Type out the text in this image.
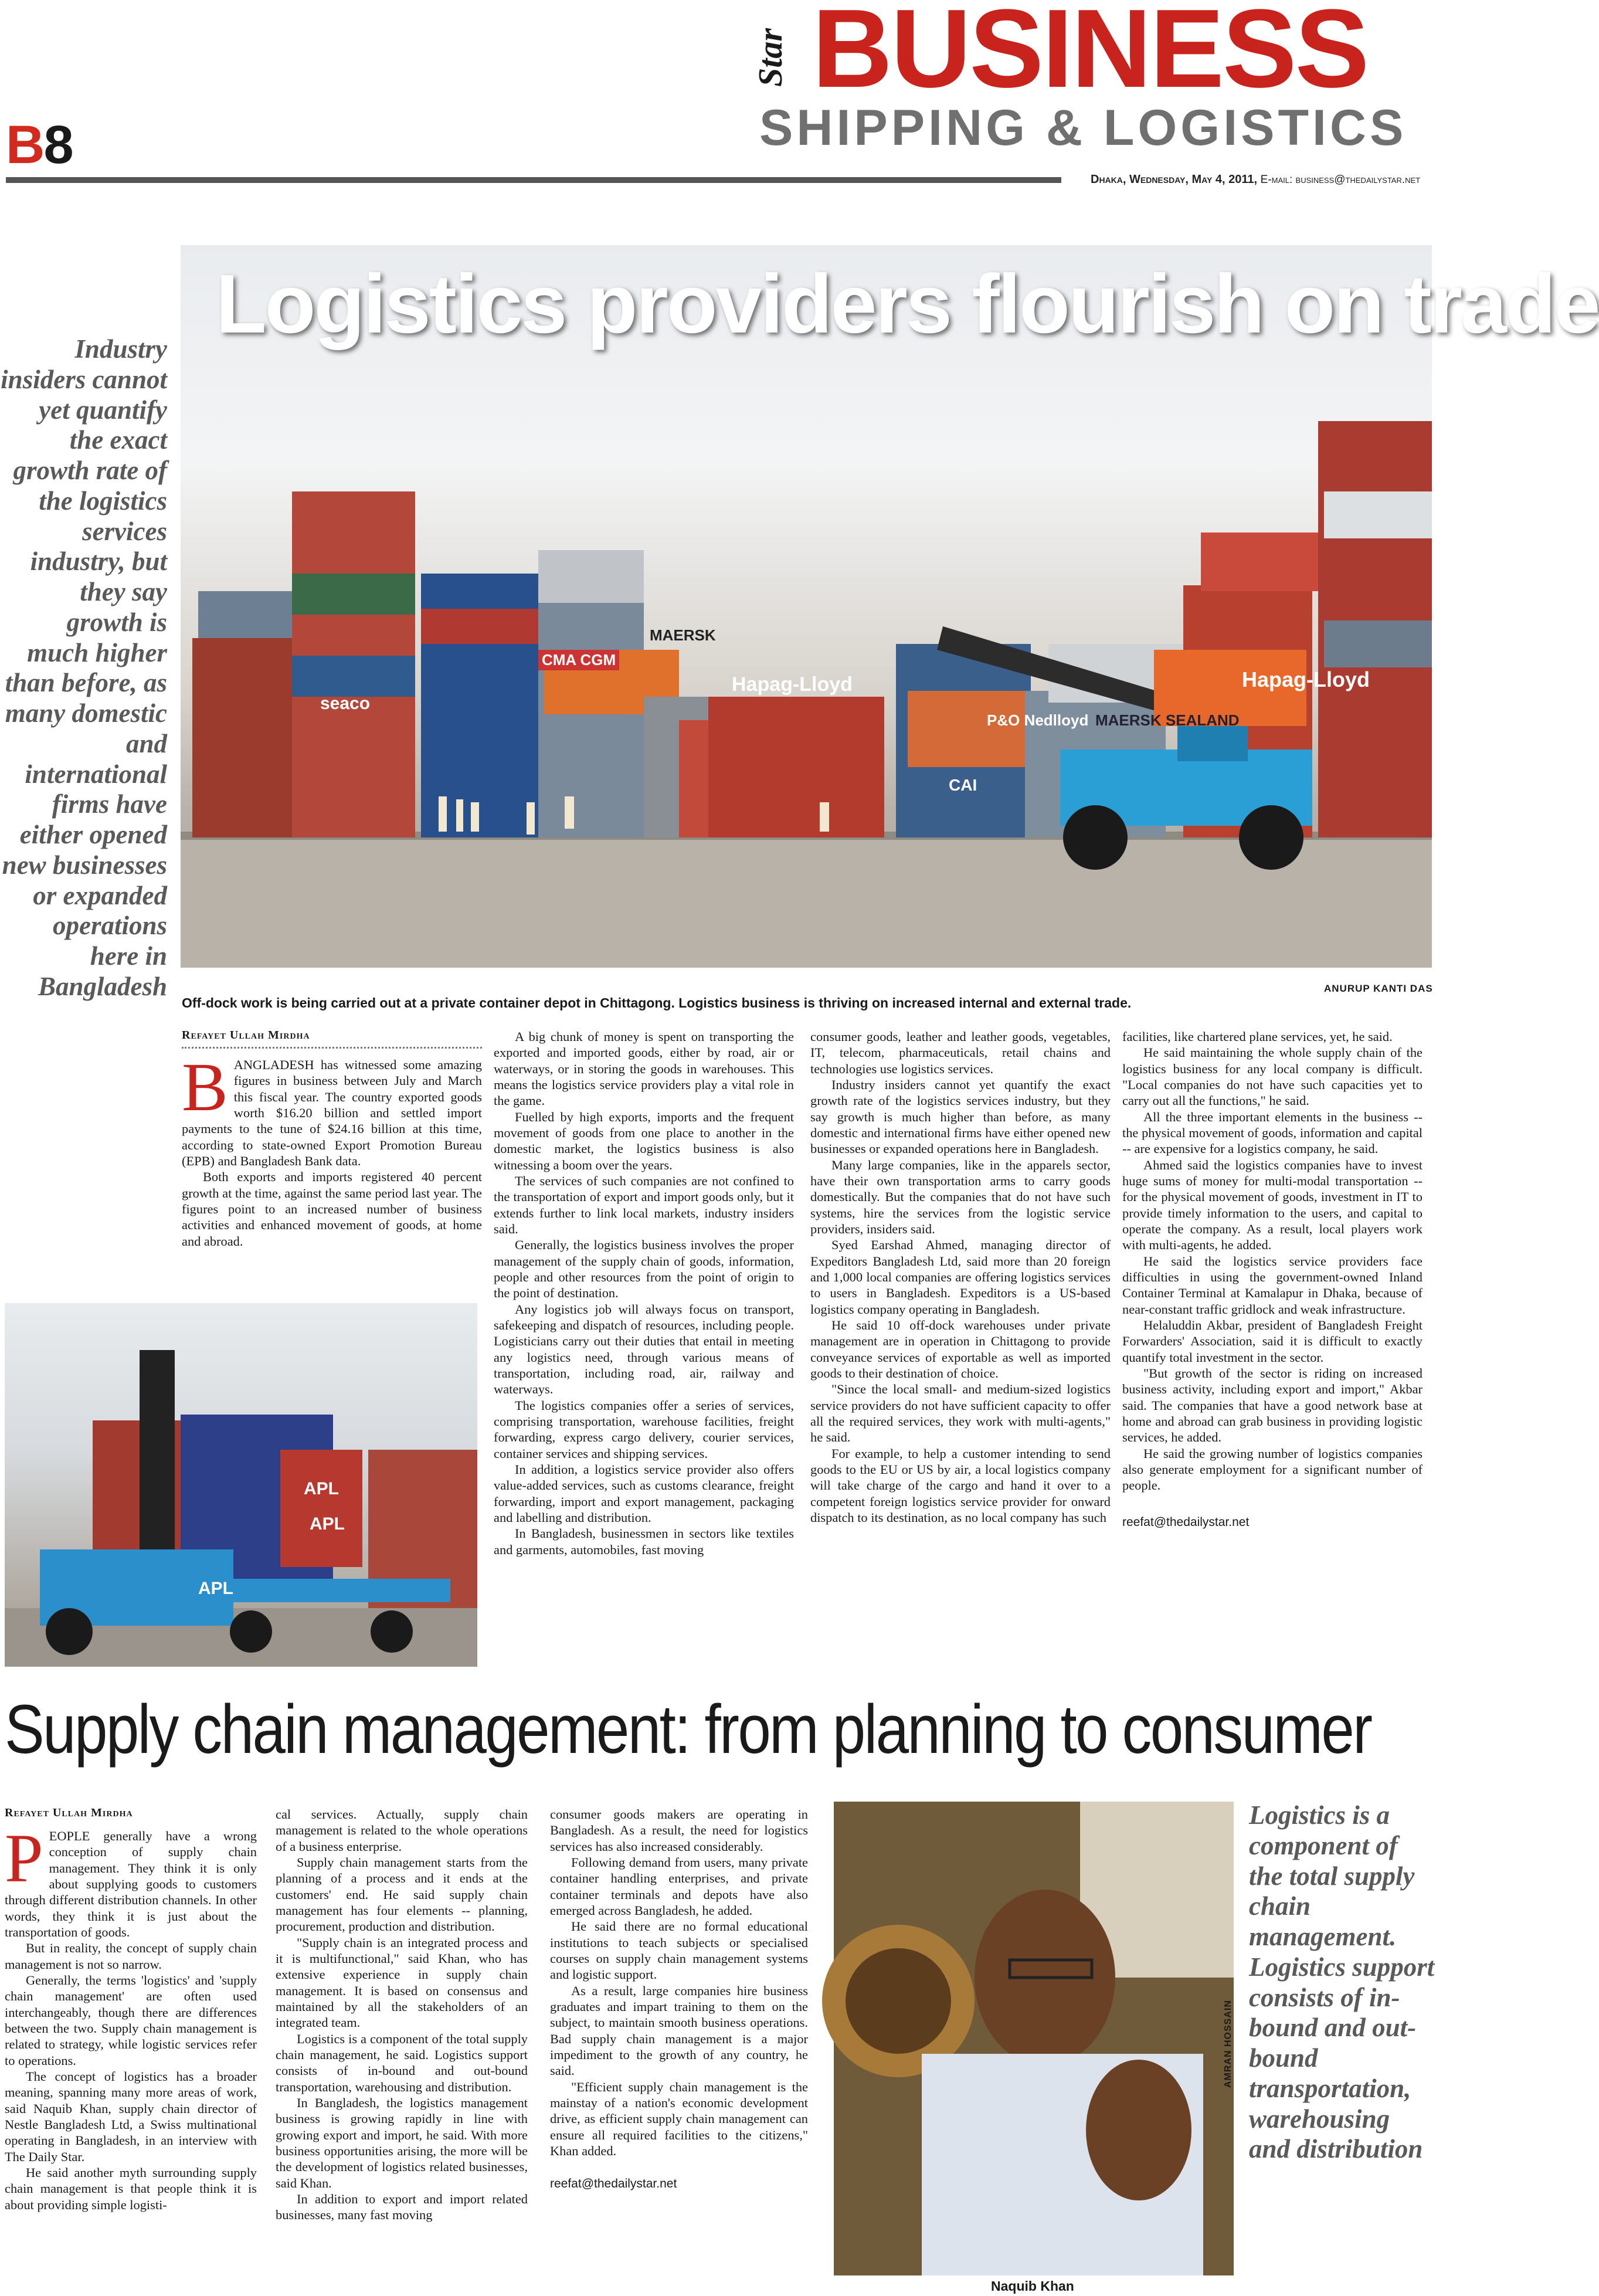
B8
Star BUSINESS
SHIPPING & LOGISTICS
Dhaka, Wednesday, May 4, 2011, E-mail: business@thedailystar.net
Hapag-Lloyd	Hapag-Lloyd
MAERSK
CMA CGM
seaco
P&O Nedlloyd MAERSK SEALAND
CAI
Logistics providers flourish on trade
ANURUP KANTI DAS
Off-dock work is being carried out at a private container depot in Chittagong. Logistics business is thriving on increased internal and external trade.
Industry insiders cannot yet quantify the exact growth rate of the logistics services industry, but they say growth is much higher than before, as many domestic and international firms have either opened new businesses or expanded operations here in Bangladesh
Refayet Ullah Mirdha
B ANGLADESH has witnessed some amazing figures in business between July and March this fiscal year. The country exported goods worth $16.20 billion and settled import payments to the tune of $24.16 billion at this time, according to state-owned Export Promotion Bureau (EPB) and Bangladesh Bank data.

Both exports and imports registered 40 percent growth at the time, against the same period last year. The figures point to an increased number of business activities and enhanced movement of goods, at home and abroad.

APL
APL
APL

A big chunk of money is spent on transporting the exported and imported goods, either by road, air or waterways, or in storing the goods in warehouses. This means the logistics service providers play a vital role in the game.

Fuelled by high exports, imports and the frequent movement of goods from one place to another in the domestic market, the logistics business is also witnessing a boom over the years.

The services of such companies are not confined to the transportation of export and import goods only, but it extends further to link local markets, industry insiders said.

Generally, the logistics business involves the proper management of the supply chain of goods, information, people and other resources from the point of origin to the point of destination.

Any logistics job will always focus on transport, safekeeping and dispatch of resources, including people. Logisticians carry out their duties that entail in meeting any logistics need, through various means of transportation, including road, air, railway and waterways.

The logistics companies offer a series of services, comprising transportation, warehouse facilities, freight forwarding, express cargo delivery, courier services, container services and shipping services.

In addition, a logistics service provider also offers value-added services, such as customs clearance, freight forwarding, import and export management, packaging and labelling and distribution.

In Bangladesh, businessmen in sectors like textiles and garments, automobiles, fast moving

consumer goods, leather and leather goods, vegetables, IT, telecom, pharmaceuticals, retail chains and technologies use logistics services.

Industry insiders cannot yet quantify the exact growth rate of the logistics services industry, but they say growth is much higher than before, as many domestic and international firms have either opened new businesses or expanded operations here in Bangladesh.

Many large companies, like in the apparels sector, have their own transportation arms to carry goods domestically. But the companies that do not have such systems, hire the services from the logistic service providers, insiders said.

Syed Earshad Ahmed, managing director of Expeditors Bangladesh Ltd, said more than 20 foreign and 1,000 local companies are offering logistics services to users in Bangladesh. Expeditors is a US-based logistics company operating in Bangladesh.

He said 10 off-dock warehouses under private management are in operation in Chittagong to provide conveyance services of exportable as well as imported goods to their destination of choice.

"Since the local small- and medium-sized logistics service providers do not have sufficient capacity to offer all the required services, they work with multi-agents," he said.

For example, to help a customer intending to send goods to the EU or US by air, a local logistics company will take charge of the cargo and hand it over to a competent foreign logistics service provider for onward dispatch to its destination, as no local company has such

facilities, like chartered plane services, yet, he said.

He said maintaining the whole supply chain of the logistics business for any local company is difficult. "Local companies do not have such capacities yet to carry out all the functions," he said.

All the three important elements in the business -- the physical movement of goods, information and capital -- are expensive for a logistics company, he said.

Ahmed said the logistics companies have to invest huge sums of money for multi-modal transportation -- for the physical movement of goods, investment in IT to provide timely information to the users, and capital to operate the company. As a result, local players work with multi-agents, he added.

He said the logistics service providers face difficulties in using the government-owned Inland Container Terminal at Kamalapur in Dhaka, because of near-constant traffic gridlock and weak infrastructure.

Helaluddin Akbar, president of Bangladesh Freight Forwarders' Association, said it is difficult to exactly quantify total investment in the sector.

"But growth of the sector is riding on increased business activity, including export and import," Akbar said. The companies that have a good network base at home and abroad can grab business in providing logistic services, he added.

He said the growing number of logistics companies also generate employment for a significant number of people.

reefat@thedailystar.net
Supply chain management: from planning to consumer
Refayet Ullah Mirdha
P EOPLE generally have a wrong conception of supply chain management. They think it is only about supplying goods to customers through different distribution channels. In other words, they think it is just about the transportation of goods.

But in reality, the concept of supply chain management is not so narrow.

Generally, the terms 'logistics' and 'supply chain management' are often used interchangeably, though there are differences between the two. Supply chain management is related to strategy, while logistic services refer to operations.

The concept of logistics has a broader meaning, spanning many more areas of work, said Naquib Khan, supply chain director of Nestle Bangladesh Ltd, a Swiss multinational operating in Bangladesh, in an interview with The Daily Star.

He said another myth surrounding supply chain management is that people think it is about providing simple logisti-

cal services. Actually, supply chain management is related to the whole operations of a business enterprise.

Supply chain management starts from the planning of a process and it ends at the customers' end. He said supply chain management has four elements -- planning, procurement, production and distribution.

"Supply chain is an integrated process and it is multifunctional," said Khan, who has extensive experience in supply chain management. It is based on consensus and maintained by all the stakeholders of an integrated team.

Logistics is a component of the total supply chain management, he said. Logistics support consists of in-bound and out-bound transportation, warehousing and distribution.

In Bangladesh, the logistics management business is growing rapidly in line with growing export and import, he said. With more business opportunities arising, the more will be the development of logistics related businesses, said Khan.

In addition to export and import related businesses, many fast moving

consumer goods makers are operating in Bangladesh. As a result, the need for logistics services has also increased considerably.

Following demand from users, many private container handling enterprises, and private container terminals and depots have also emerged across Bangladesh, he added.

He said there are no formal educational institutions to teach subjects or specialised courses on supply chain management systems and logistic support.

As a result, large companies hire business graduates and impart training to them on the subject, to maintain smooth business operations. Bad supply chain management is a major impediment to the growth of any country, he said.

"Efficient supply chain management is the mainstay of a nation's economic development drive, as efficient supply chain management can ensure all required facilities to the citizens," Khan added.

reefat@thedailystar.net
AMRAN HOSSAIN
Naquib Khan
Logistics is a component of the total supply chain management. Logistics support consists of in-bound and out-bound transportation, warehousing and distribution
